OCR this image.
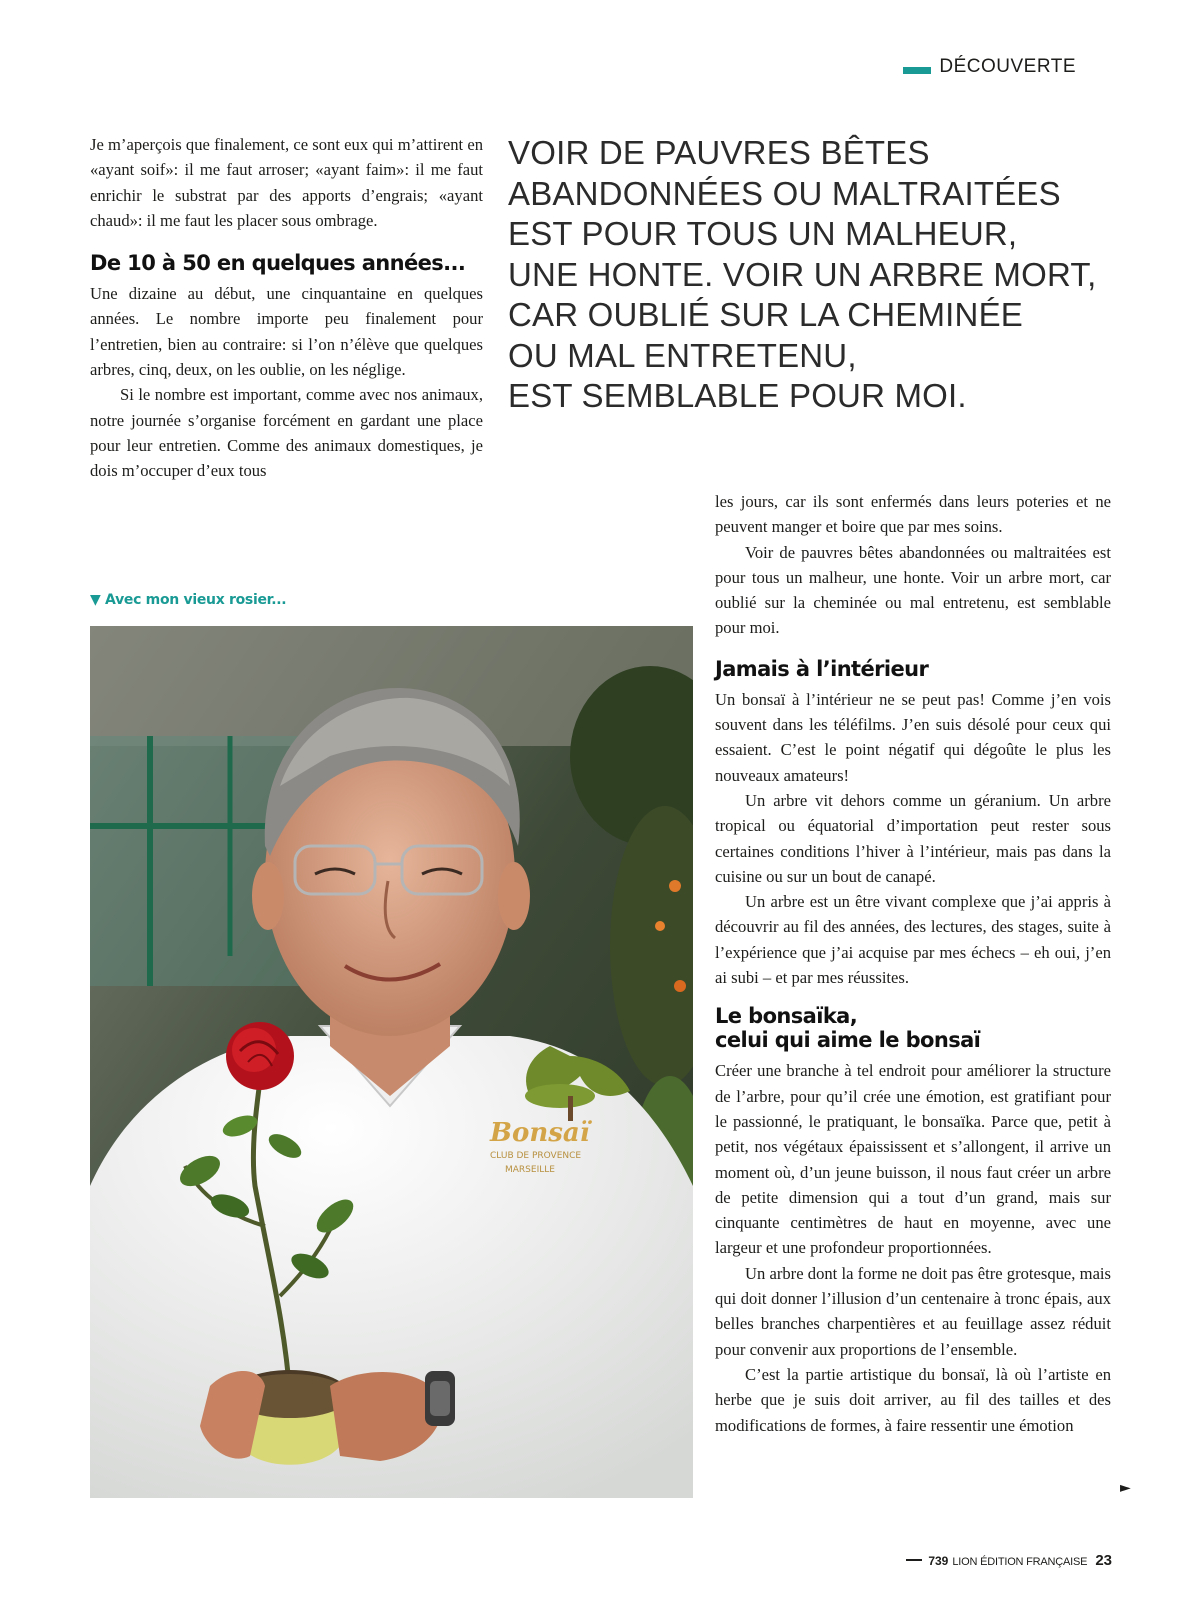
DÉCOUVERTE

Je m’aperçois que finalement, ce sont eux qui m’attirent en «ayant soif»: il me faut arroser; «ayant faim»: il me faut enrichir le substrat par des apports d’engrais; «ayant chaud»: il me faut les placer sous ombrage.

De 10 à 50 en quelques années...

Une dizaine au début, une cinquantaine en quelques années. Le nombre importe peu finalement pour l’entretien, bien au contraire: si l’on n’élève que quelques arbres, cinq, deux, on les oublie, on les néglige.

Si le nombre est important, comme avec nos animaux, notre journée s’organise forcément en gardant une place pour leur entretien. Comme des animaux domestiques, je dois m’occuper d’eux tous

VOIR DE PAUVRES BÊTES
ABANDONNÉES OU MALTRAITÉES
EST POUR TOUS UN MALHEUR,
UNE HONTE. VOIR UN ARBRE MORT,
CAR OUBLIÉ SUR LA CHEMINÉE
OU MAL ENTRETENU,
EST SEMBLABLE POUR MOI.
▼ Avec mon vieux rosier...
Bonsaï
CLUB DE PROVENCE
MARSEILLE

les jours, car ils sont enfermés dans leurs poteries et ne peuvent manger et boire que par mes soins.

Voir de pauvres bêtes abandonnées ou maltraitées est pour tous un malheur, une honte. Voir un arbre mort, car oublié sur la cheminée ou mal entretenu, est semblable pour moi.

Jamais à l’intérieur

Un bonsaï à l’intérieur ne se peut pas! Comme j’en vois souvent dans les téléfilms. J’en suis désolé pour ceux qui essaient. C’est le point négatif qui dégoûte le plus les nouveaux amateurs!

Un arbre vit dehors comme un géranium. Un arbre tropical ou équatorial d’importation peut rester sous certaines conditions l’hiver à l’intérieur, mais pas dans la cuisine ou sur un bout de canapé.

Un arbre est un être vivant complexe que j’ai appris à découvrir au fil des années, des lectures, des stages, suite à l’expérience que j’ai acquise par mes échecs – eh oui, j’en ai subi – et par mes réussites.

Le bonsaïka,
celui qui aime le bonsaï

Créer une branche à tel endroit pour améliorer la structure de l’arbre, pour qu’il crée une émotion, est gratifiant pour le passionné, le pratiquant, le bonsaïka. Parce que, petit à petit, nos végétaux épaississent et s’allongent, il arrive un moment où, d’un jeune buisson, il nous faut créer un arbre de petite dimension qui a tout d’un grand, mais sur cinquante centimètres de haut en moyenne, avec une largeur et une profondeur proportionnées.

Un arbre dont la forme ne doit pas être grotesque, mais qui doit donner l’illusion d’un centenaire à tronc épais, aux belles branches charpentières et au feuillage assez réduit pour convenir aux proportions de l’ensemble.

C’est la partie artistique du bonsaï, là où l’artiste en herbe que je suis doit arriver, au fil des tailles et des modifications de formes, à faire ressentir une émotion

►
739 LION ÉDITION FRANÇAISE 23
